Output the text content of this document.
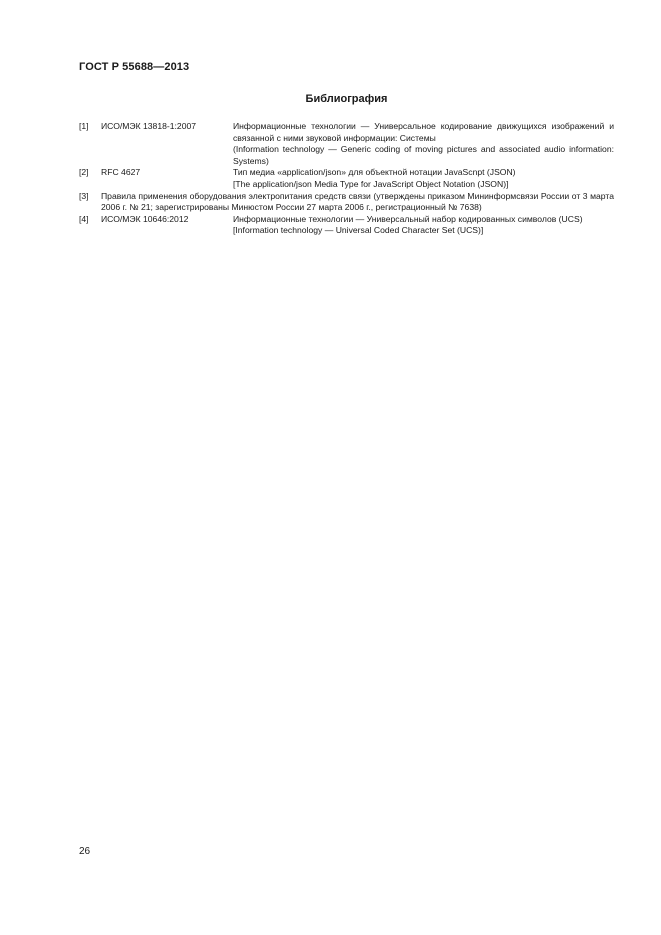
ГОСТ Р 55688—2013
Библиография
[1] ИСО/МЭК 13818-1:2007	Информационные технологии — Универсальное кодирование движущихся изображений и связанной с ними звуковой информации: Системы
(Information technology — Generic coding of moving pictures and associated audio information: Systems)
[2] RFC 4627	Тип медиа «application/json» для объектной нотации JavaScnpt (JSON)
[The application/json Media Type for JavaScript Object Notation (JSON)]
[3] Правила применения оборудования электропитания средств связи (утверждены приказом Мининформсвязи России от 3 марта 2006 г. № 21; зарегистрированы Минюстом России 27 марта 2006 г., регистрационный № 7638)
[4] ИСО/МЭК 10646:2012	Информационные технологии — Универсальный набор кодированных символов (UCS)
[Information technology — Universal Coded Character Set (UCS)]
26
